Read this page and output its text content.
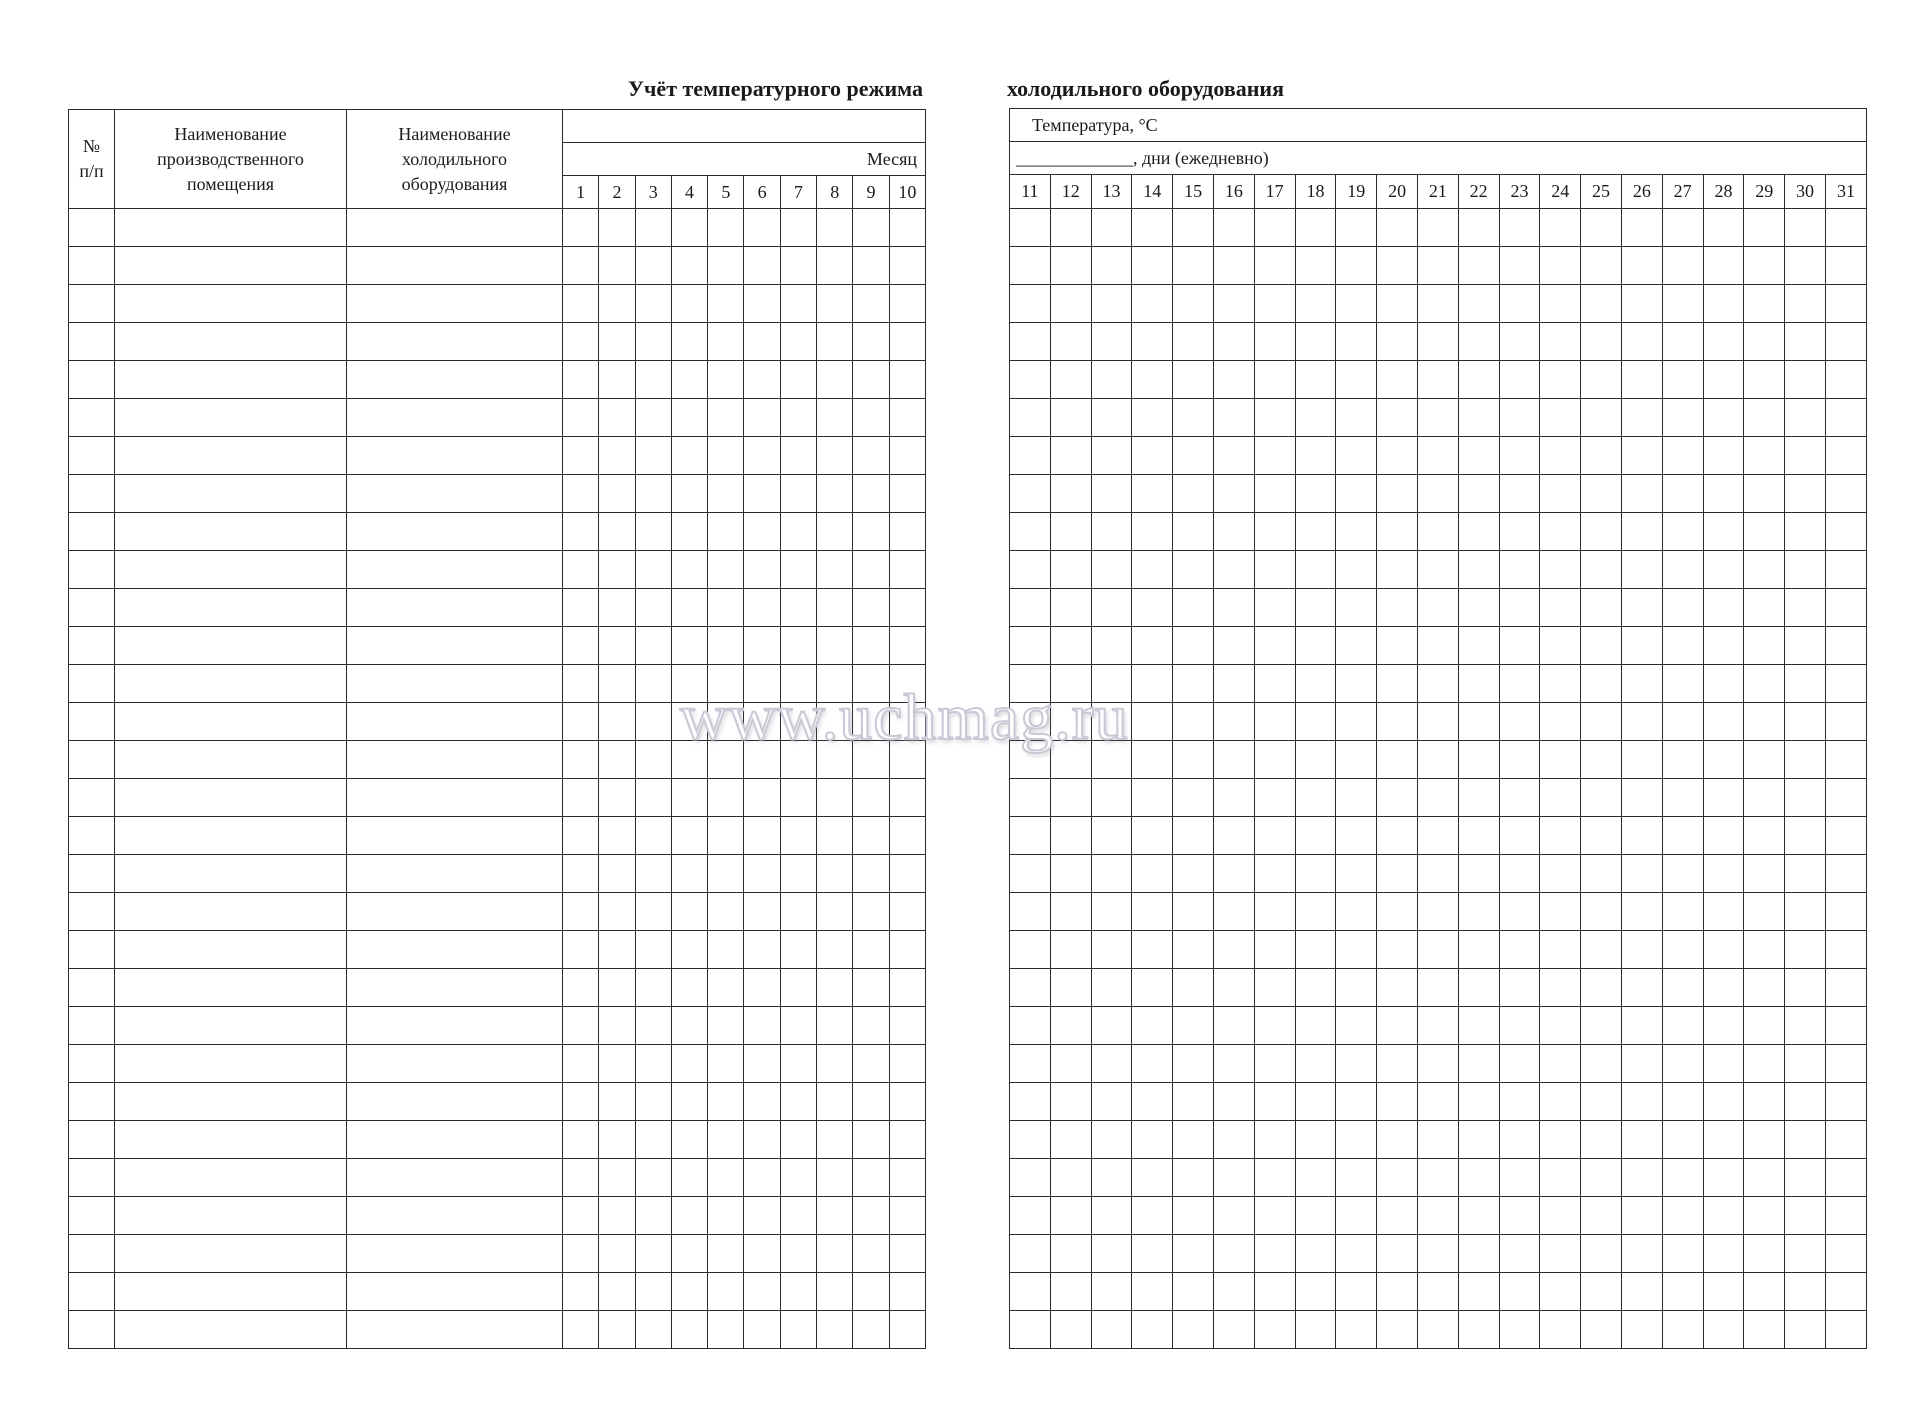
Учёт температурного режима	холодильного оборудования
№
п/п	Наименование производственного помещения	Наименование холодильного оборудования										
			Месяц									
			1	2	3	4	5	6	7	8	9	10

Температура, °С																				
_____________, дни (ежедневно)																				
11	12	13	14	15	16	17	18	19	20	21	22	23	24	25	26	27	28	29	30	31

www.uchmag.ru
